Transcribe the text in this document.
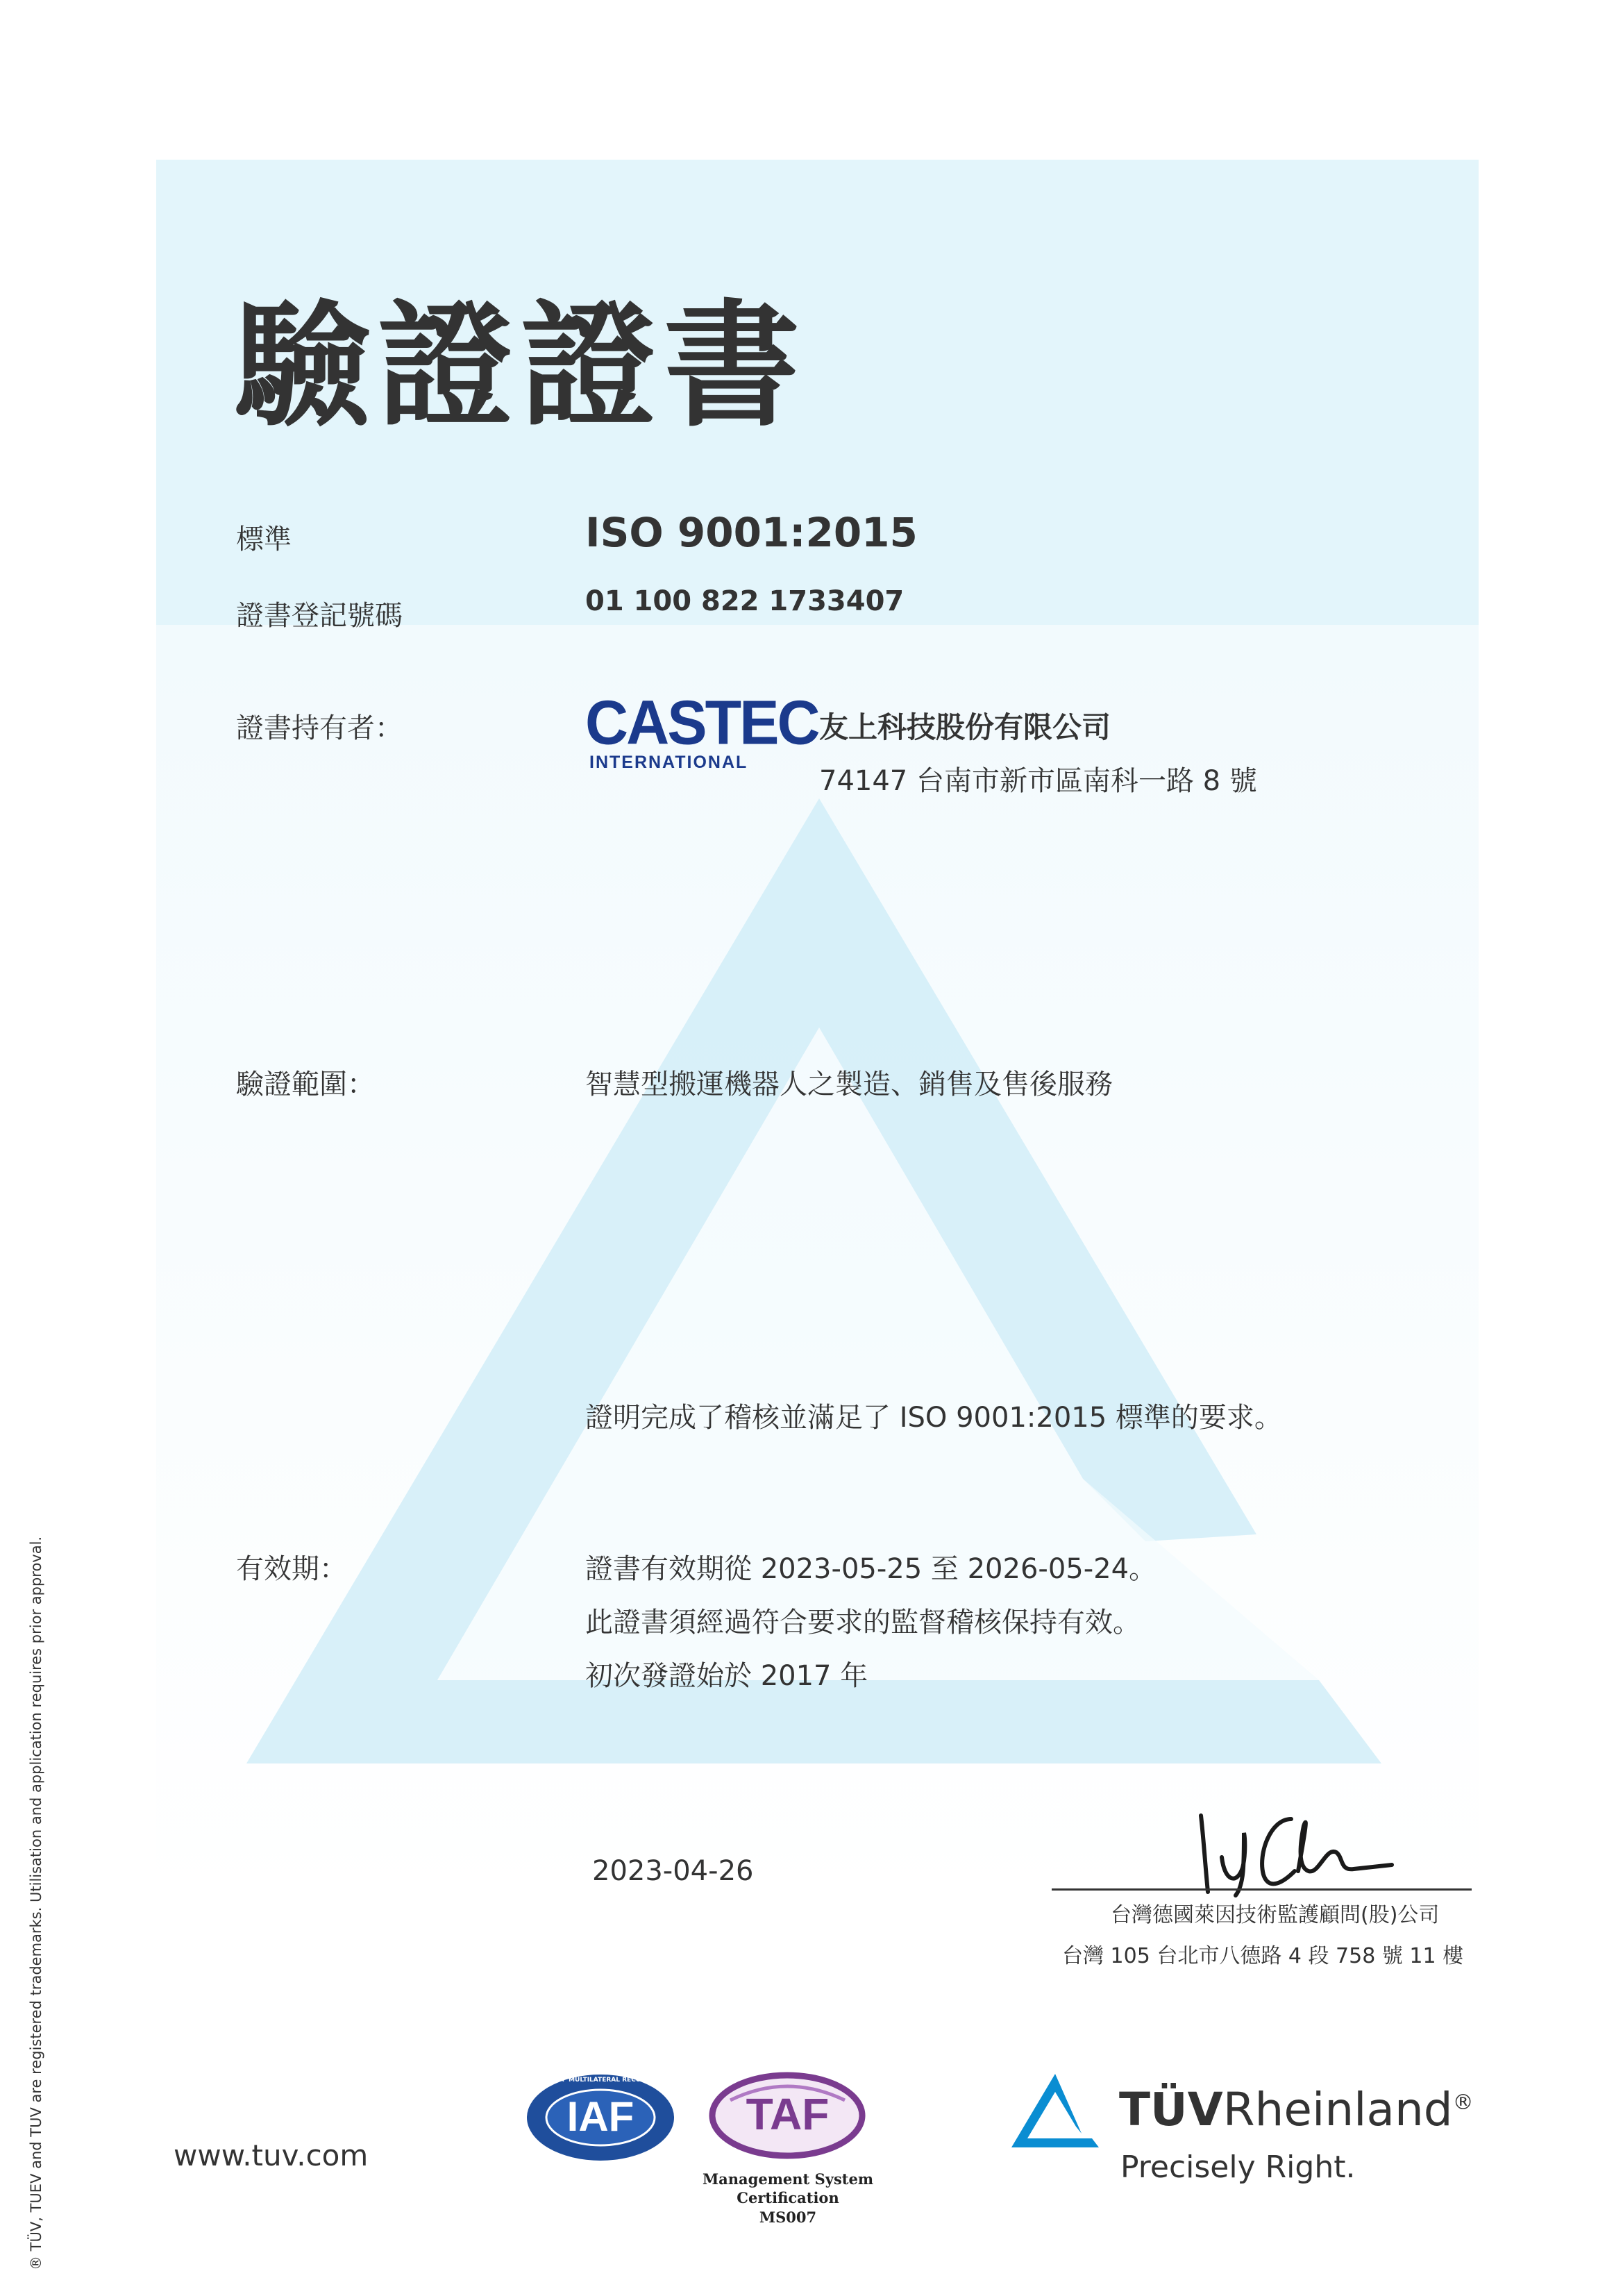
驗證證書
標準	ISO 9001:2015
證書登記號碼	01 100 822 1733407
證書持有者：	CASTEC
INTERNATIONAL
友上科技股份有限公司
74147 台南市新市區南科一路 8 號
驗證範圍：	智慧型搬運機器人之製造、銷售及售後服務
證明完成了稽核並滿足了 ISO 9001:2015 標準的要求。
有效期：	證書有效期從 2023-05-25 至 2026-05-24。
此證書須經過符合要求的監督稽核保持有效。
初次發證始於 2017 年
2023-04-26
台灣德國萊因技術監護顧問(股)公司
台灣 105 台北市八德路 4 段 758 號 11 樓
® TÜV, TUEV and TUV are registered trademarks. Utilisation and application requires prior approval.	www.tuv.com
MEMBER OF MULTILATERAL RECOGNITION ARRANGEMENT
IAF	TAF
Management System
Certification
MS007
TÜVRheinland®
Precisely Right.
